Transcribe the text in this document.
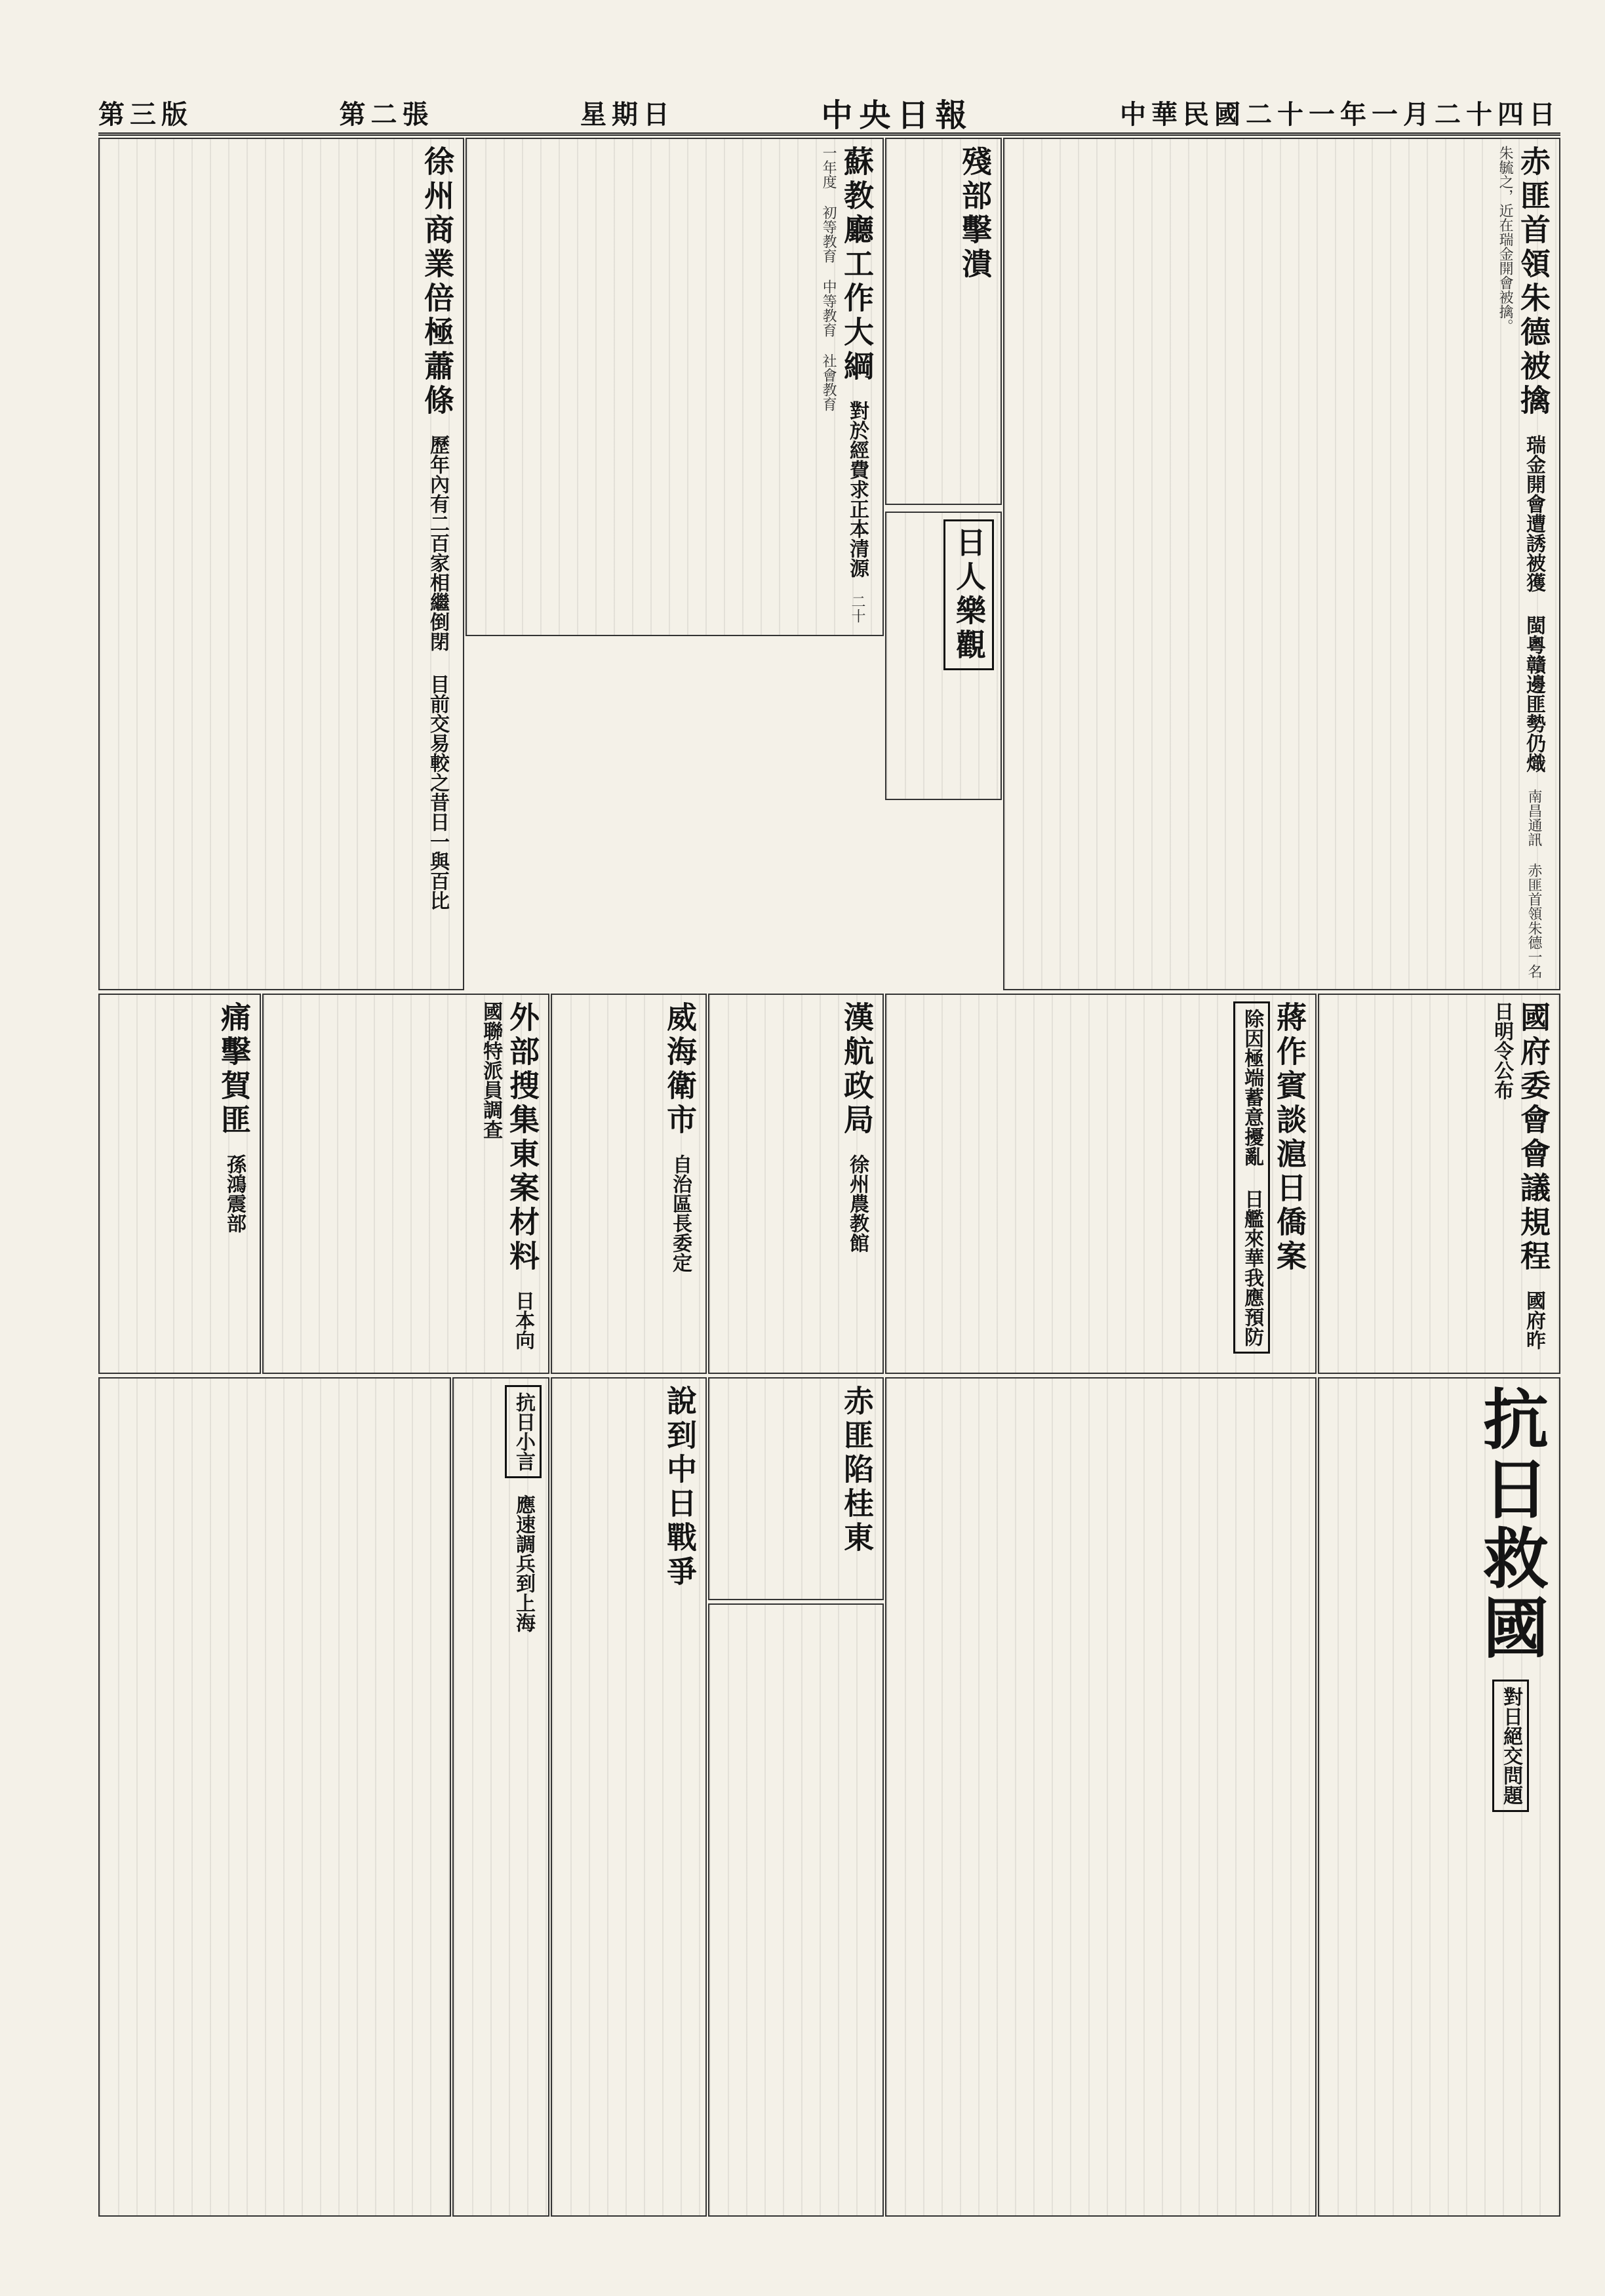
第三版	第二張	星期日	中央日報	中華民國二十一年一月二十四日
赤匪首領朱德被擒 瑞金開會遭誘被獲 閩粵贛邊匪勢仍熾 南昌通訊 赤匪首領朱德一名朱毓之，近在瑞金開會被擒。
殘部擊潰
蘇教廳工作大綱 對於經費求正本清源 二十一年度 初等教育 中等教育 社會教育
日人樂觀
徐州商業倍極蕭條 歷年內有二百家相繼倒閉 目前交易較之昔日一與百比
國府委會會議規程 國府昨日明令公布
蔣作賓談滬日僑案 除因極端蓄意擾亂 日艦來華我應預防
漢航政局 徐州農教館
威海衛市 自治區長委定
外部搜集東案材料 日本向國聯特派員調查
痛擊賀匪 孫鴻震部
赤匪陷桂東	抗日救國 對日絕交問題
說到中日戰爭
抗日小言 應速調兵到上海
